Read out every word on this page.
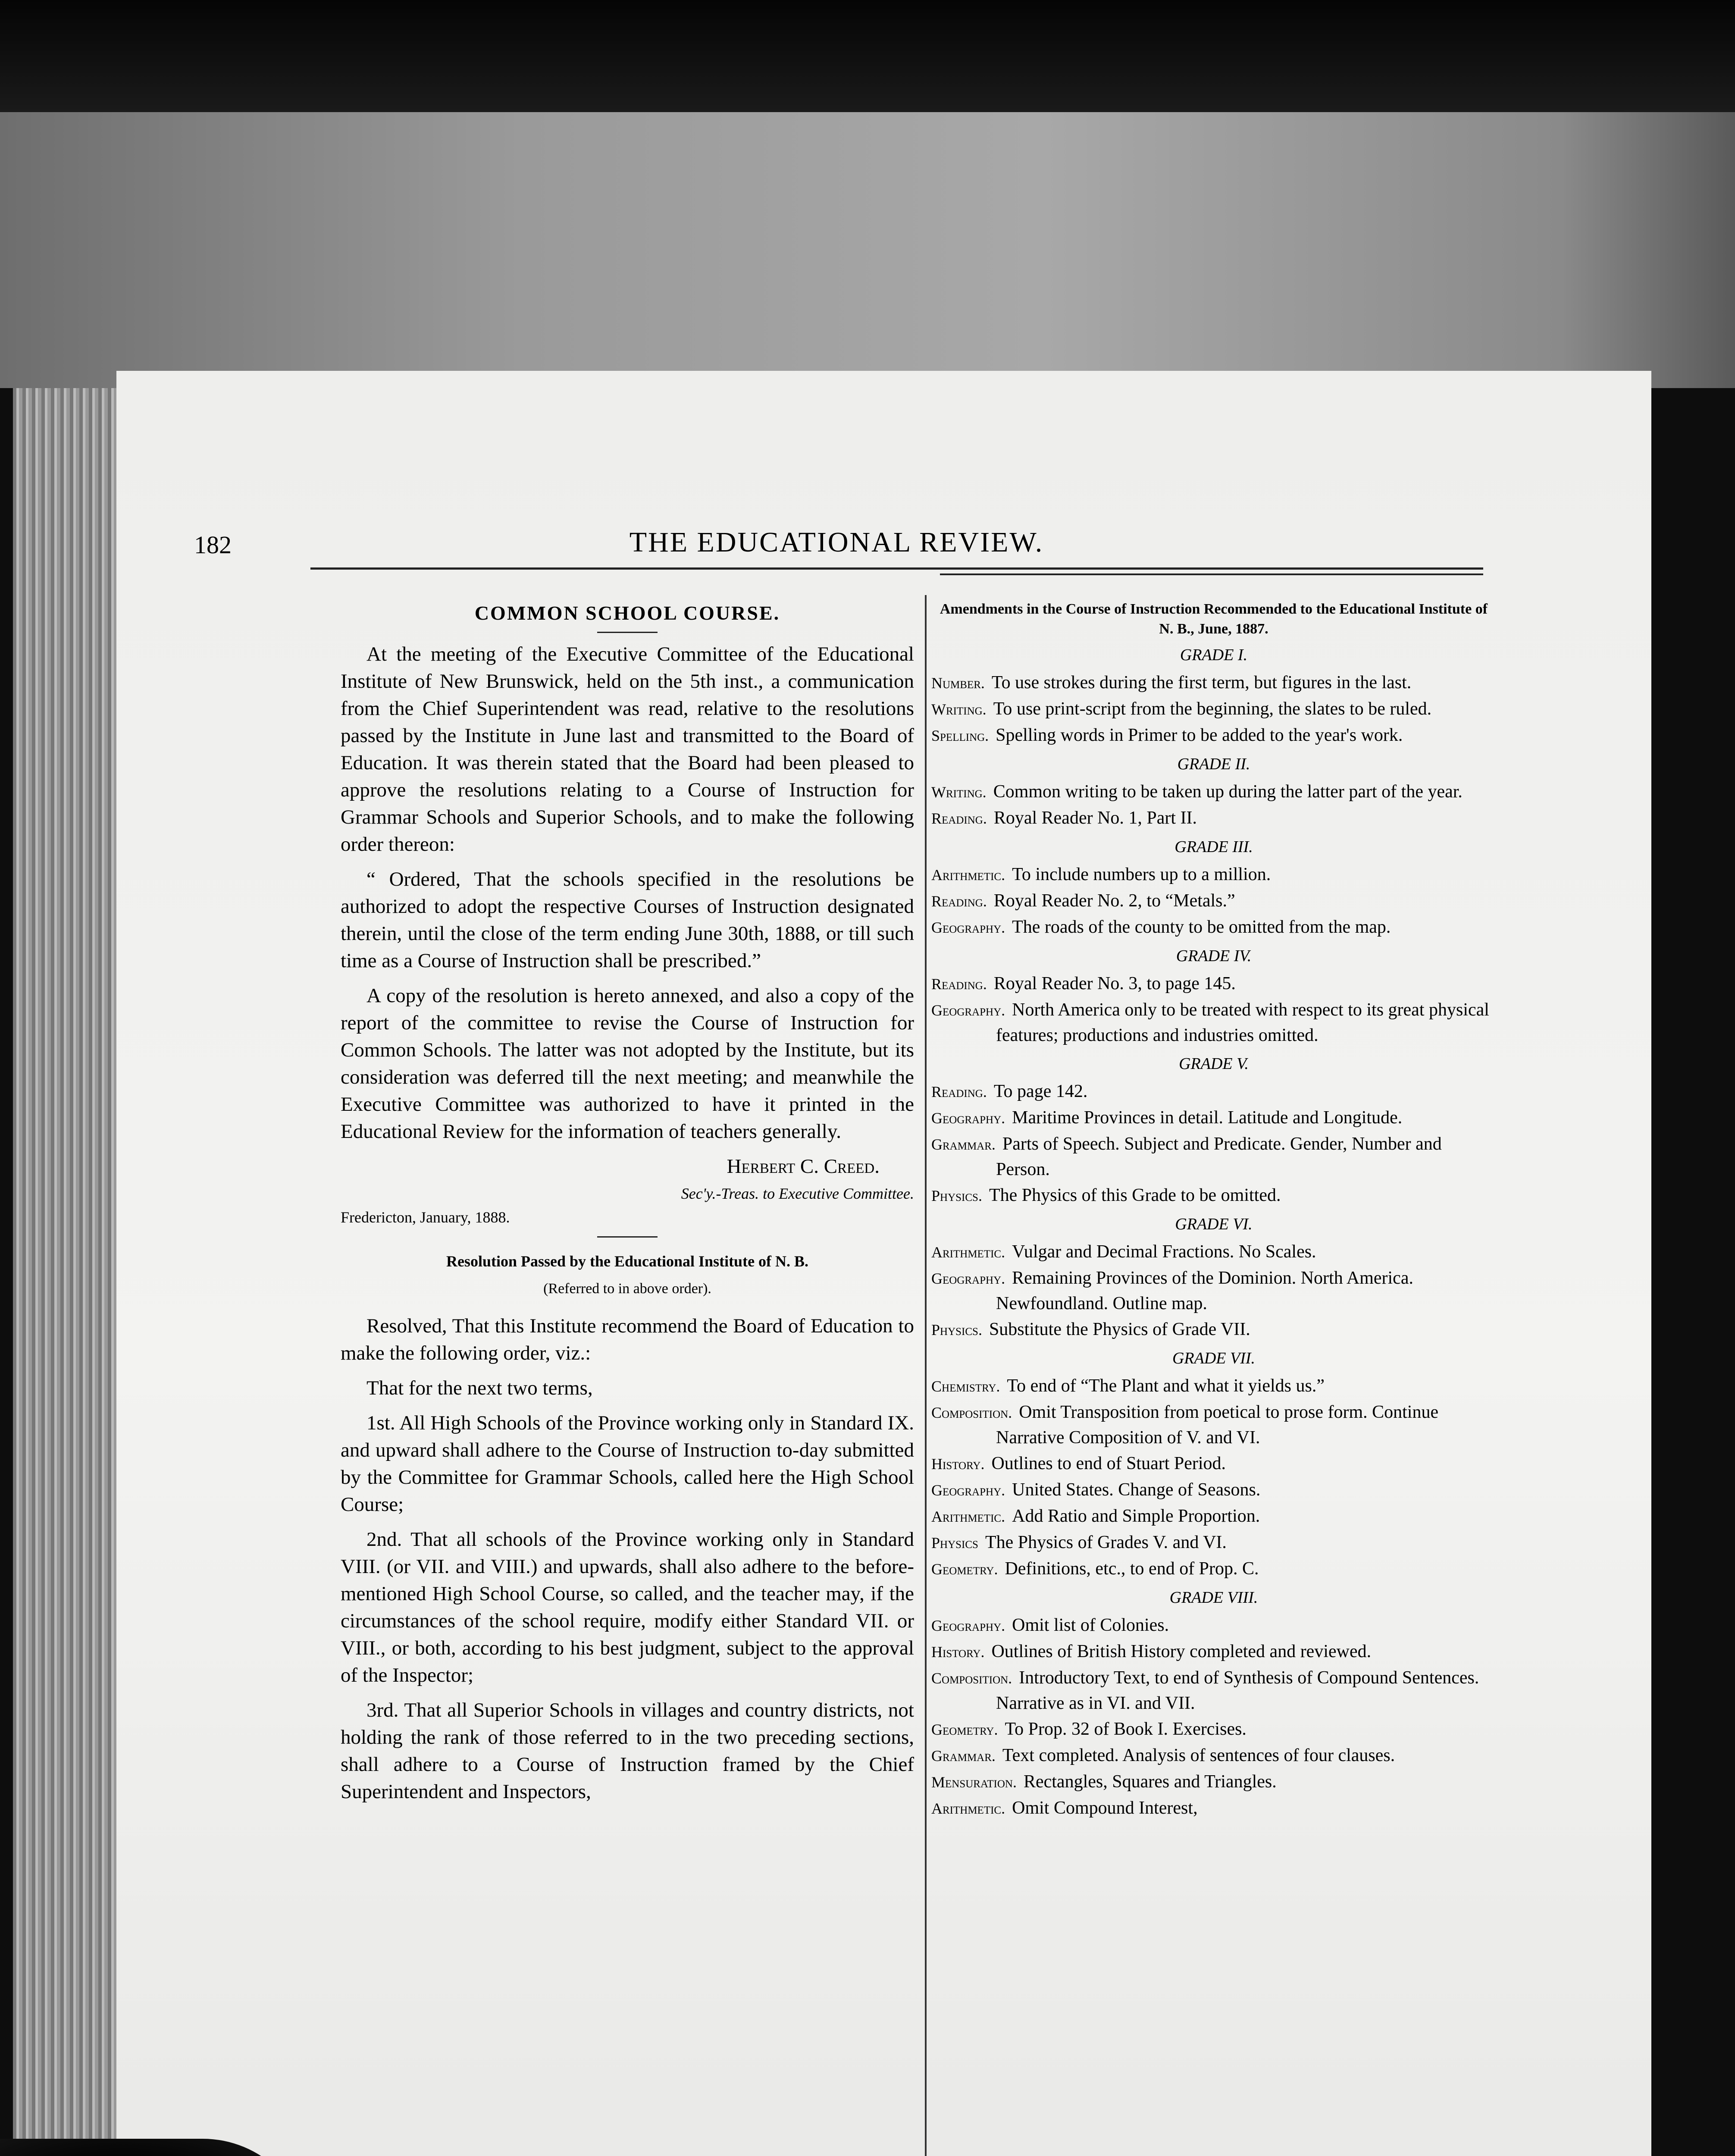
182	THE EDUCATIONAL REVIEW.
COMMON SCHOOL COURSE.

At the meeting of the Executive Committee of the Educational Institute of New Brunswick, held on the 5th inst., a communication from the Chief Superintendent was read, relative to the resolutions passed by the Institute in June last and transmitted to the Board of Education. It was therein stated that the Board had been pleased to approve the resolutions relating to a Course of Instruction for Grammar Schools and Superior Schools, and to make the following order thereon:

“ Ordered, That the schools specified in the resolutions be authorized to adopt the respective Courses of Instruction designated therein, until the close of the term ending June 30th, 1888, or till such time as a Course of Instruction shall be prescribed.”

A copy of the resolution is hereto annexed, and also a copy of the report of the committee to revise the Course of Instruction for Common Schools. The latter was not adopted by the Institute, but its consideration was deferred till the next meeting; and meanwhile the Executive Committee was authorized to have it printed in the Educational Review for the information of teachers generally.

Herbert C. Creed.
Sec'y.-Treas. to Executive Committee.
Fredericton, January, 1888.
Resolution Passed by the Educational Institute of N. B.
(Referred to in above order).

Resolved, That this Institute recommend the Board of Education to make the following order, viz.:

That for the next two terms,

1st. All High Schools of the Province working only in Standard IX. and upward shall adhere to the Course of Instruction to-day submitted by the Committee for Grammar Schools, called here the High School Course;

2nd. That all schools of the Province working only in Standard VIII. (or VII. and VIII.) and upwards, shall also adhere to the before-mentioned High School Course, so called, and the teacher may, if the circumstances of the school require, modify either Standard VII. or VIII., or both, according to his best judgment, subject to the approval of the Inspector;

3rd. That all Superior Schools in villages and country districts, not holding the rank of those referred to in the two preceding sections, shall adhere to a Course of Instruction framed by the Chief Superintendent and Inspectors,

Amendments in the Course of Instruction Recommended to the Educational Institute of N. B., June, 1887.
GRADE I.
Number. To use strokes during the first term, but figures in the last.
Writing. To use print-script from the beginning, the slates to be ruled.
Spelling. Spelling words in Primer to be added to the year's work.
GRADE II.
Writing. Common writing to be taken up during the latter part of the year.
Reading. Royal Reader No. 1, Part II.
GRADE III.
Arithmetic. To include numbers up to a million.
Reading. Royal Reader No. 2, to “Metals.”
Geography. The roads of the county to be omitted from the map.
GRADE IV.
Reading. Royal Reader No. 3, to page 145.
Geography. North America only to be treated with respect to its great physical features; productions and industries omitted.
GRADE V.
Reading. To page 142.
Geography. Maritime Provinces in detail. Latitude and Longitude.
Grammar. Parts of Speech. Subject and Predicate. Gender, Number and Person.
Physics. The Physics of this Grade to be omitted.
GRADE VI.
Arithmetic. Vulgar and Decimal Fractions. No Scales.
Geography. Remaining Provinces of the Dominion. North America. Newfoundland. Outline map.
Physics. Substitute the Physics of Grade VII.
GRADE VII.
Chemistry. To end of “The Plant and what it yields us.”
Composition. Omit Transposition from poetical to prose form. Continue Narrative Composition of V. and VI.
History. Outlines to end of Stuart Period.
Geography. United States. Change of Seasons.
Arithmetic. Add Ratio and Simple Proportion.
Physics The Physics of Grades V. and VI.
Geometry. Definitions, etc., to end of Prop. C.
GRADE VIII.
Geography. Omit list of Colonies.
History. Outlines of British History completed and reviewed.
Composition. Introductory Text, to end of Synthesis of Compound Sentences. Narrative as in VI. and VII.
Geometry. To Prop. 32 of Book I. Exercises.
Grammar. Text completed. Analysis of sentences of four clauses.
Mensuration. Rectangles, Squares and Triangles.
Arithmetic. Omit Compound Interest,
